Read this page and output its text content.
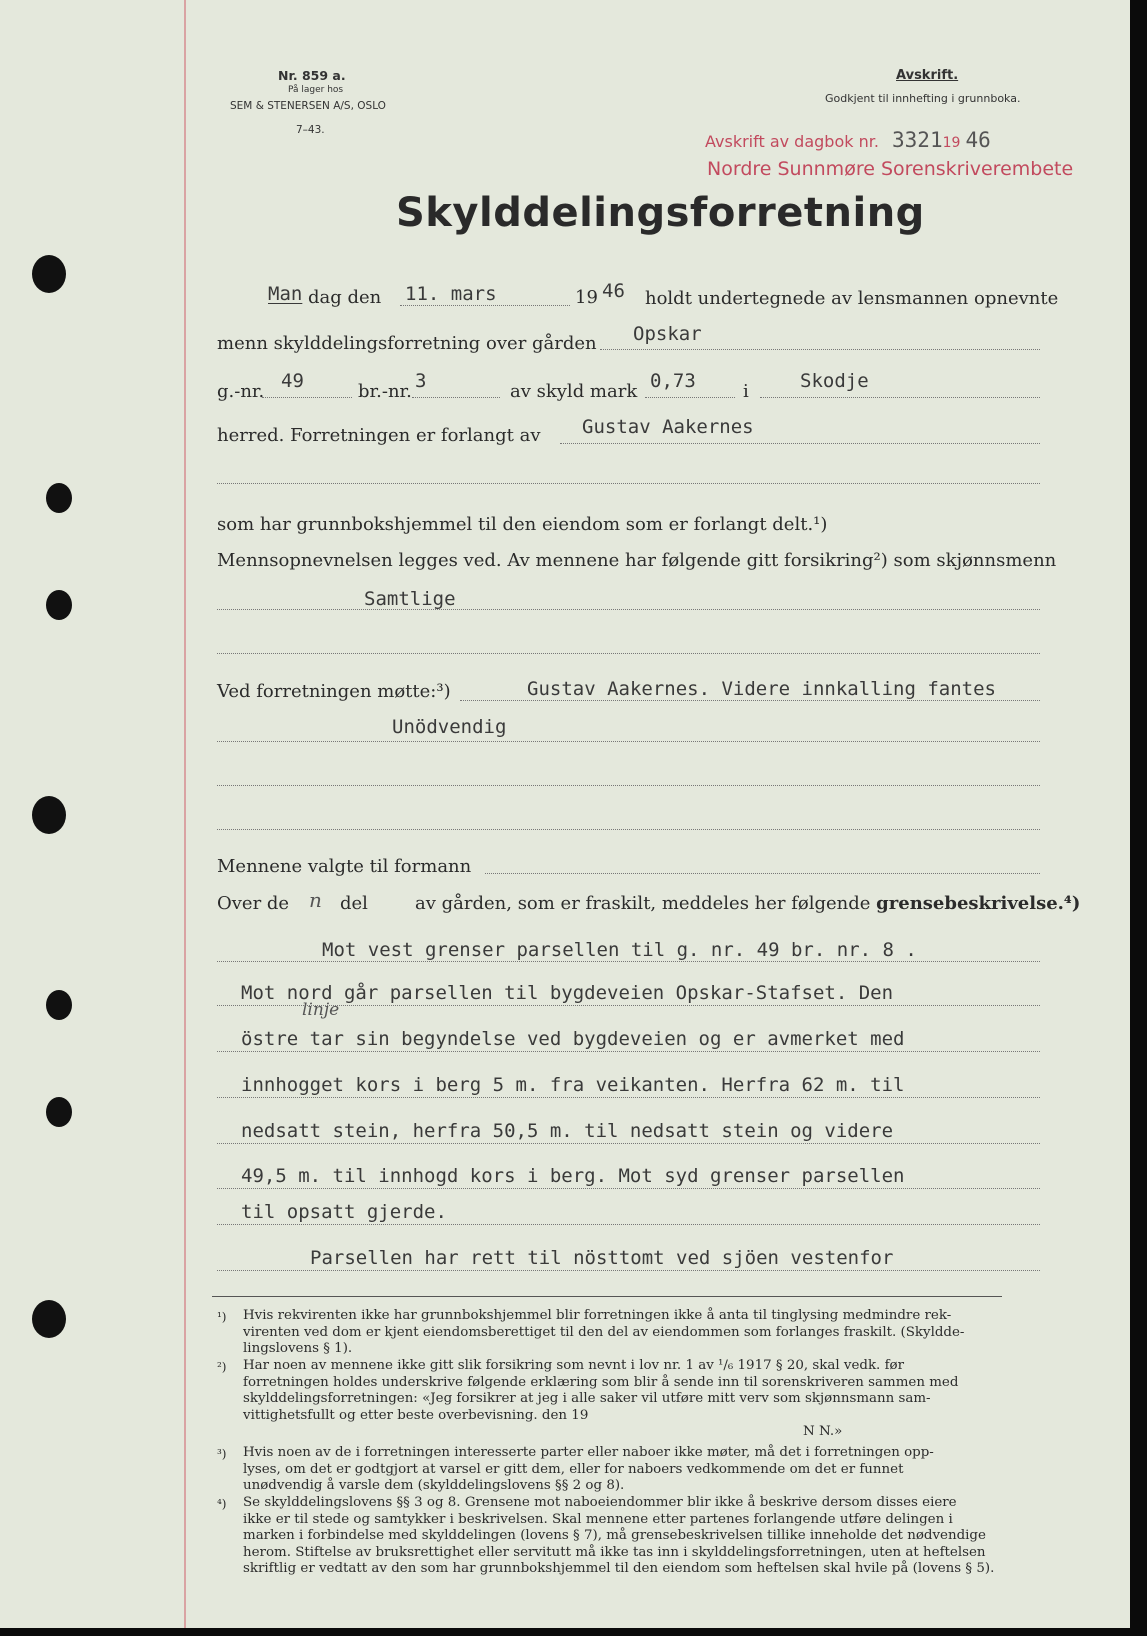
Nr. 859 a.
På lager hos
SEM & STENERSEN A/S, OSLO
7–43.
Avskrift.
Godkjent til innhefting i grunnboka.
Avskrift av dagbok nr. 332119 46
Nordre Sunnmøre Sorenskriverembete
Skylddelingsforretning
Man dag den 11. mars	19 46 holdt undertegnede av lensmannen opnevnte
menn skylddelingsforretning over gården Opskar
g.-nr. 49	br.-nr. 3	av skyld mark 0,73	i	Skodje
herred. Forretningen er forlangt av Gustav Aakernes
som har grunnbokshjemmel til den eiendom som er forlangt delt.¹)
Mennsopnevnelsen legges ved. Av mennene har følgende gitt forsikring²) som skjønnsmenn
Samtlige
Ved forretningen møtte:³)	Gustav Aakernes. Videre innkalling fantes
Unödvendig
Mennene valgte til formann
Over de n del	av gården, som er fraskilt, meddeles her følgende grensebeskrivelse.⁴)
Mot vest grenser parsellen til g. nr. 49 br. nr. 8 .
Mot nord går parsellen til bygdeveien Opskar-Stafset. Den
linje
östre tar sin begyndelse ved bygdeveien og er avmerket med
innhogget kors i berg 5 m. fra veikanten. Herfra 62 m. til
nedsatt stein, herfra 50,5 m. til nedsatt stein og videre
49,5 m. til innhogd kors i berg. Mot syd grenser parsellen
til opsatt gjerde.
Parsellen har rett til nösttomt ved sjöen vestenfor
¹) Hvis rekvirenten ikke har grunnbokshjemmel blir forretningen ikke å anta til tinglysing medmindre rek-
virenten ved dom er kjent eiendomsberettiget til den del av eiendommen som forlanges fraskilt. (Skyldde-
lingslovens § 1).
²) Har noen av mennene ikke gitt slik forsikring som nevnt i lov nr. 1 av ¹/₆ 1917 § 20, skal vedk. før
forretningen holdes underskrive følgende erklæring som blir å sende inn til sorenskriveren sammen med
skylddelingsforretningen: «Jeg forsikrer at jeg i alle saker vil utføre mitt verv som skjønnsmann sam-
vittighetsfullt og etter beste overbevisning. den 19
N N.»
³) Hvis noen av de i forretningen interesserte parter eller naboer ikke møter, må det i forretningen opp-
lyses, om det er godtgjort at varsel er gitt dem, eller for naboers vedkommende om det er funnet
unødvendig å varsle dem (skylddelingslovens §§ 2 og 8).
⁴) Se skylddelingslovens §§ 3 og 8. Grensene mot naboeiendommer blir ikke å beskrive dersom disses eiere
ikke er til stede og samtykker i beskrivelsen. Skal mennene etter partenes forlangende utføre delingen i
marken i forbindelse med skylddelingen (lovens § 7), må grensebeskrivelsen tillike inneholde det nødvendige
herom. Stiftelse av bruksrettighet eller servitutt må ikke tas inn i skylddelingsforretningen, uten at heftelsen
skriftlig er vedtatt av den som har grunnbokshjemmel til den eiendom som heftelsen skal hvile på (lovens § 5).
